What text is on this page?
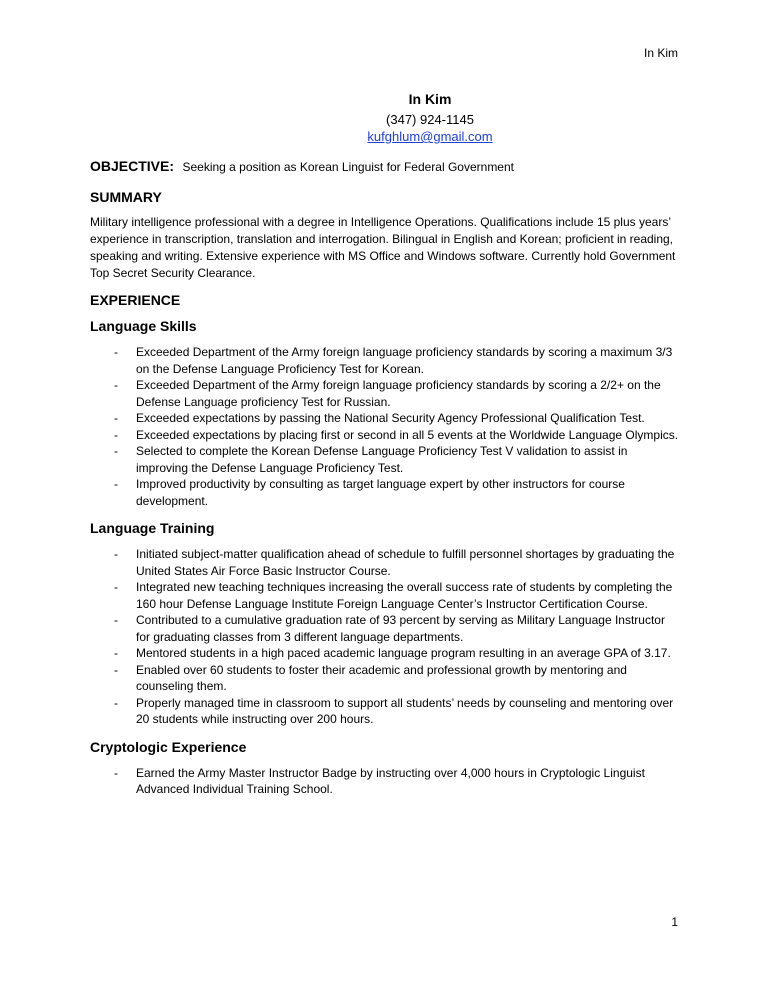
In Kim
In Kim
(347) 924-1145
kufghlum@gmail.com
OBJECTIVE: Seeking a position as Korean Linguist for Federal Government
SUMMARY

Military intelligence professional with a degree in Intelligence Operations. Qualifications include 15 plus years’ experience in transcription, translation and interrogation. Bilingual in English and Korean; proficient in reading, speaking and writing. Extensive experience with MS Office and Windows software. Currently hold Government Top Secret Security Clearance.

EXPERIENCE
Language Skills
- Exceeded Department of the Army foreign language proficiency standards by scoring a maximum 3/3 on the Defense Language Proficiency Test for Korean.
- Exceeded Department of the Army foreign language proficiency standards by scoring a 2/2+ on the Defense Language proficiency Test for Russian.
- Exceeded expectations by passing the National Security Agency Professional Qualification Test.
- Exceeded expectations by placing first or second in all 5 events at the Worldwide Language Olympics.
- Selected to complete the Korean Defense Language Proficiency Test V validation to assist in improving the Defense Language Proficiency Test.
- Improved productivity by consulting as target language expert by other instructors for course development.
Language Training
- Initiated subject-matter qualification ahead of schedule to fulfill personnel shortages by graduating the United States Air Force Basic Instructor Course.
- Integrated new teaching techniques increasing the overall success rate of students by completing the 160 hour Defense Language Institute Foreign Language Center’s Instructor Certification Course.
- Contributed to a cumulative graduation rate of 93 percent by serving as Military Language Instructor for graduating classes from 3 different language departments.
- Mentored students in a high paced academic language program resulting in an average GPA of 3.17.
- Enabled over 60 students to foster their academic and professional growth by mentoring and counseling them.
- Properly managed time in classroom to support all students’ needs by counseling and mentoring over 20 students while instructing over 200 hours.
Cryptologic Experience
- Earned the Army Master Instructor Badge by instructing over 4,000 hours in Cryptologic Linguist Advanced Individual Training School.
1
